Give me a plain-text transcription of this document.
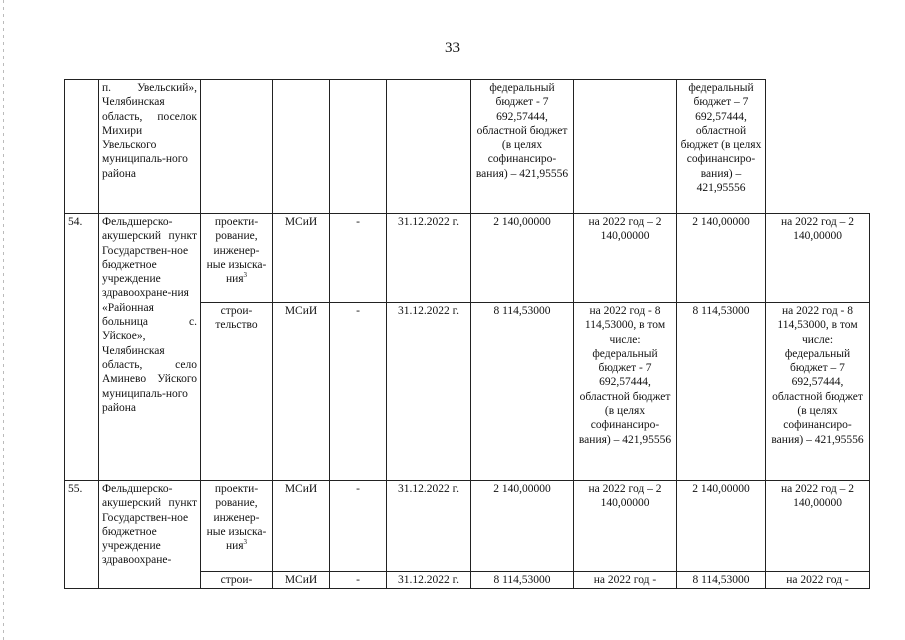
33
	п. Увельский», Челябинская область, поселок Михири Увельского муниципаль-ного района					федеральный бюджет - 7 692,57444, областной бюджет (в целях софинансиро-вания) – 421,95556		федеральный бюджет – 7 692,57444, областной бюджет (в целях софинансиро-вания) – 421,95556	
54.	Фельдшерско-акушерский пункт Государствен-ное бюджетное учреждение здравоохране-ния «Районная больница с. Уйское», Челябинская область, село Аминево Уйского муниципаль-ного района	проекти-рование, инженер-ные изыска-ния$^3$	МСиИ	-	31.12.2022 г.	2 140,00000	на 2022 год – 2 140,00000	2 140,00000	на 2022 год – 2 140,00000
		строи-тельство	МСиИ	-	31.12.2022 г.	8 114,53000	на 2022 год - 8 114,53000, в том числе: федеральный бюджет - 7 692,57444, областной бюджет (в целях софинансиро-вания) – 421,95556	8 114,53000	на 2022 год - 8 114,53000, в том числе: федеральный бюджет – 7 692,57444, областной бюджет (в целях софинансиро-вания) – 421,95556
55.	Фельдшерско-акушерский пункт Государствен-ное бюджетное учреждение здравоохране-	проекти-рование, инженер-ные изыска-ния$^3$	МСиИ	-	31.12.2022 г.	2 140,00000	на 2022 год – 2 140,00000	2 140,00000	на 2022 год – 2 140,00000
		строи-	МСиИ	-	31.12.2022 г.	8 114,53000	на 2022 год -	8 114,53000	на 2022 год -
